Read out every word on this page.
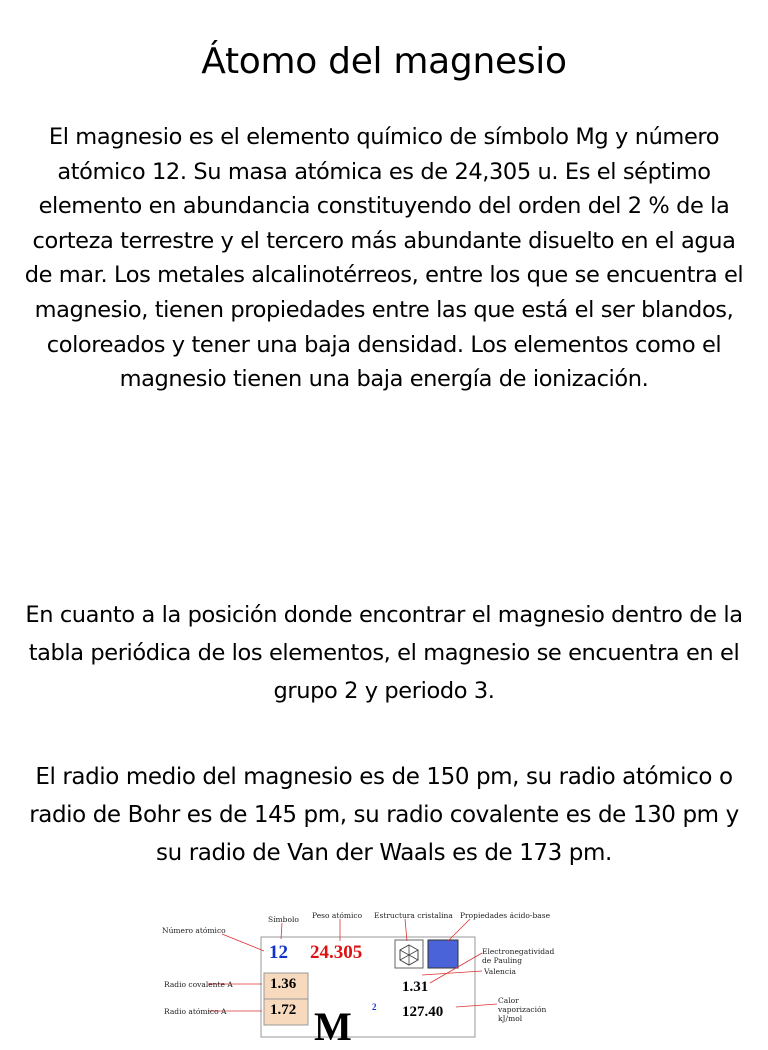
Átomo del magnesio
El magnesio es el elemento químico de símbolo Mg y número atómico 12. Su masa atómica es de 24,305 u. Es el séptimo elemento en abundancia constituyendo del orden del 2 % de la corteza terrestre y el tercero más abundante disuelto en el agua de mar. Los metales alcalinotérreos, entre los que se encuentra el magnesio, tienen propiedades entre las que está el ser blandos, coloreados y tener una baja densidad. Los elementos como el magnesio tienen una baja energía de ionización.
En cuanto a la posición donde encontrar el magnesio dentro de la tabla periódica de los elementos, el magnesio se encuentra en el grupo 2 y periodo 3.
El radio medio del magnesio es de 150 pm, su radio atómico o radio de Bohr es de 145 pm, su radio covalente es de 130 pm y su radio de Van der Waals es de 173 pm.
Número atómico
Símbolo Peso atómico Estructura cristalina Propiedades ácido-base
Electronegatividad de Pauling
Valencia
Calor vaporización kJ/mol
Radio covalente A
Radio atómico A
12 24.305
1.36
1.72
1.31
2 127.40
M
